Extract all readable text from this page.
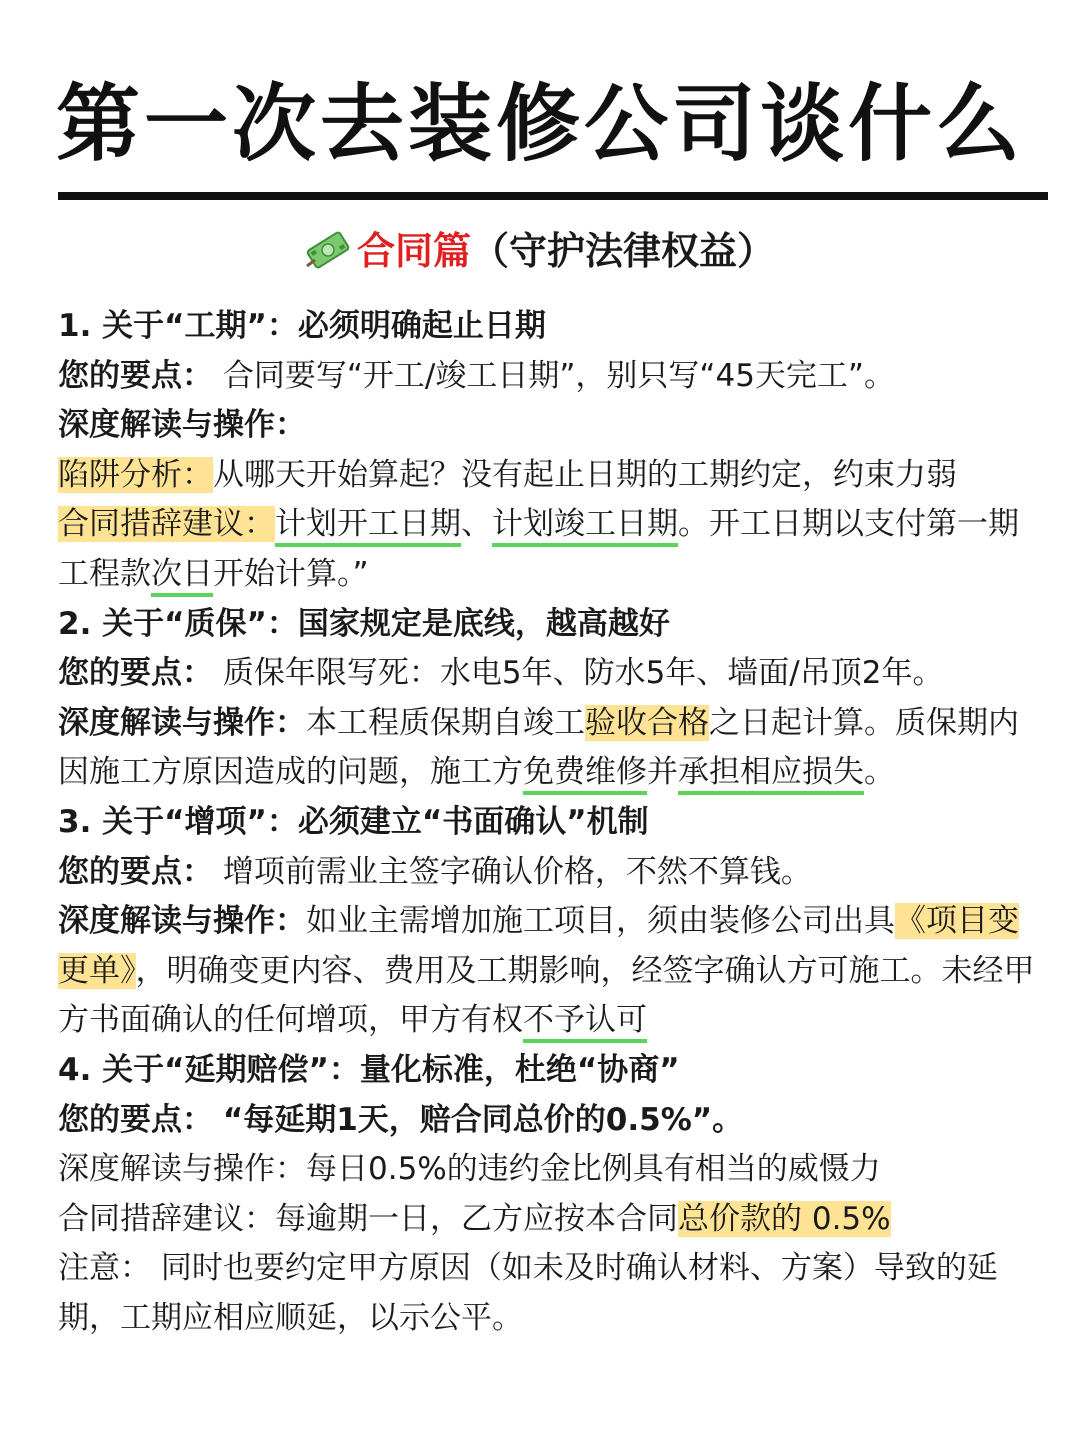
第一次去装修公司谈什么
合同篇（守护法律权益）
1. 关于“工期”：必须明确起止日期
您的要点： 合同要写“开工/竣工日期”，别只写“45天完工”。
深度解读与操作：
陷阱分析：从哪天开始算起？没有起止日期的工期约定，约束力弱
合同措辞建议：计划开工日期、计划竣工日期。开工日期以支付第一期工程款次日开始计算。”
2. 关于“质保”：国家规定是底线，越高越好
您的要点： 质保年限写死：水电5年、防水5年、墙面/吊顶2年。
深度解读与操作：本工程质保期自竣工验收合格之日起计算。质保期内因施工方原因造成的问题，施工方免费维修并承担相应损失。
3. 关于“增项”：必须建立“书面确认”机制
您的要点： 增项前需业主签字确认价格，不然不算钱。
深度解读与操作：如业主需增加施工项目，须由装修公司出具《项目变更单》，明确变更内容、费用及工期影响，经签字确认方可施工。未经甲方书面确认的任何增项，甲方有权不予认可
4. 关于“延期赔偿”：量化标准，杜绝“协商”
您的要点： “每延期1天，赔合同总价的0.5%”。
深度解读与操作：每日0.5%的违约金比例具有相当的威慑力
合同措辞建议：每逾期一日，乙方应按本合同总价款的 0.5%
注意： 同时也要约定甲方原因（如未及时确认材料、方案）导致的延期，工期应相应顺延，以示公平。
